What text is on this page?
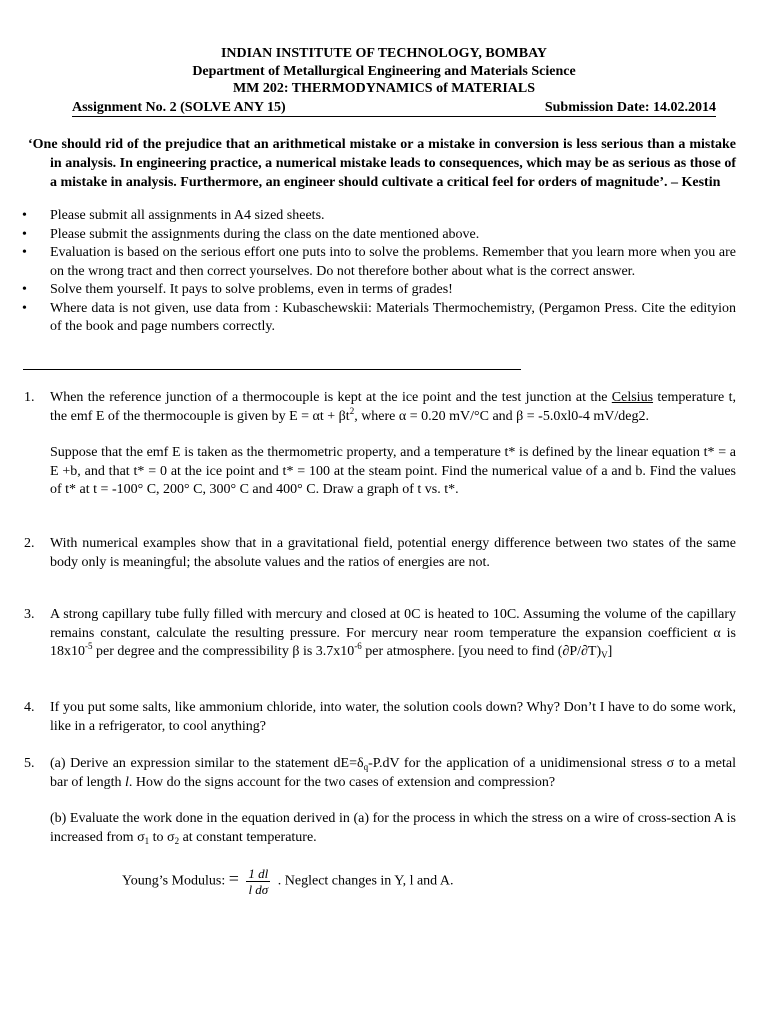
INDIAN INSTITUTE OF TECHNOLOGY, BOMBAY
Department of Metallurgical Engineering and Materials Science
MM 202: THERMODYNAMICS of MATERIALS
Assignment No. 2 (SOLVE ANY 15)	Submission Date: 14.02.2014

‘One should rid of the prejudice that an arithmetical mistake or a mistake in conversion is less serious than a mistake in analysis. In engineering practice, a numerical mistake leads to consequences, which may be as serious as those of a mistake in analysis. Furthermore, an engineer should cultivate a critical feel for orders of magnitude’. – Kestin

• Please submit all assignments in A4 sized sheets.
• Please submit the assignments during the class on the date mentioned above.
• Evaluation is based on the serious effort one puts into to solve the problems. Remember that you learn more when you are on the wrong tract and then correct yourselves. Do not therefore bother about what is the correct answer.
• Solve them yourself. It pays to solve problems, even in terms of grades!
• Where data is not given, use data from : Kubaschewskii: Materials Thermochemistry, (Pergamon Press. Cite the edityion of the book and page numbers correctly.
1. When the reference junction of a thermocouple is kept at the ice point and the test junction at the Celsius temperature t, the emf E of the thermocouple is given by $E = \alpha t + \beta t^2$, where α = 0.20 mV/°C and β = -5.0xl0-4 mV/deg2.

Suppose that the emf E is taken as the thermometric property, and a temperature t* is defined by the linear equation t* = a E +b, and that t* = 0 at the ice point and t* = 100 at the steam point. Find the numerical value of a and b. Find the values of t* at t = -100° C, 200° C, 300° C and 400° C. Draw a graph of t vs. t*.

2. With numerical examples show that in a gravitational field, potential energy difference between two states of the same body only is meaningful; the absolute values and the ratios of energies are not.

3. A strong capillary tube fully filled with mercury and closed at 0C is heated to 10C. Assuming the volume of the capillary remains constant, calculate the resulting pressure. For mercury near room temperature the expansion coefficient α is $18x10^{-5}$ per degree and the compressibility β is $3.7x10^{-6}$ per atmosphere. [you need to find $(\partial P/\partial T)_V$]

4. If you put some salts, like ammonium chloride, into water, the solution cools down? Why? Don’t I have to do some work, like in a refrigerator, to cool anything?

5. (a) Derive an expression similar to the statement $dE=\delta_q-P.dV$ for the application of a unidimensional stress σ to a metal bar of length l. How do the signs account for the two cases of extension and compression?

(b) Evaluate the work done in the equation derived in (a) for the process in which the stress on a wire of cross-section A is increased from $\sigma_1$ to $\sigma_2$ at constant temperature.

Young’s Modulus: = $\frac{1 dl}{\text{l dσ}}$ . Neglect changes in Y, l and A.
